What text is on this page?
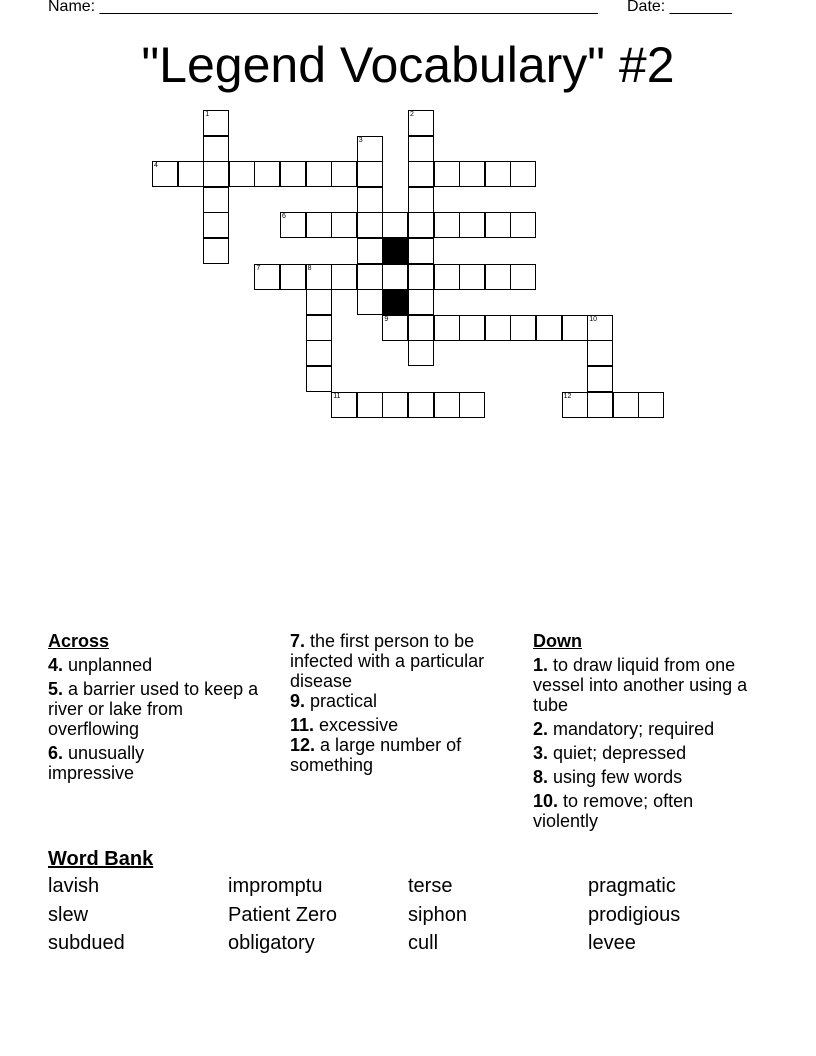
Name: ________________________________________________________ Date: _______
"Legend Vocabulary" #2
1	2
3
4
6
7	8
9	10
11	12
Across
4. unplanned
5. a barrier used to keep a river or lake from overflowing
6. unusually impressive
7. the first person to be infected with a particular disease
9. practical
11. excessive
12. a large number of something
Down
1. to draw liquid from one vessel into another using a tube
2. mandatory; required
3. quiet; depressed
8. using few words
10. to remove; often violently
Word Bank
lavish	impromptu	terse	pragmatic
slew	Patient Zero	siphon	prodigious
subdued	obligatory	cull	levee
